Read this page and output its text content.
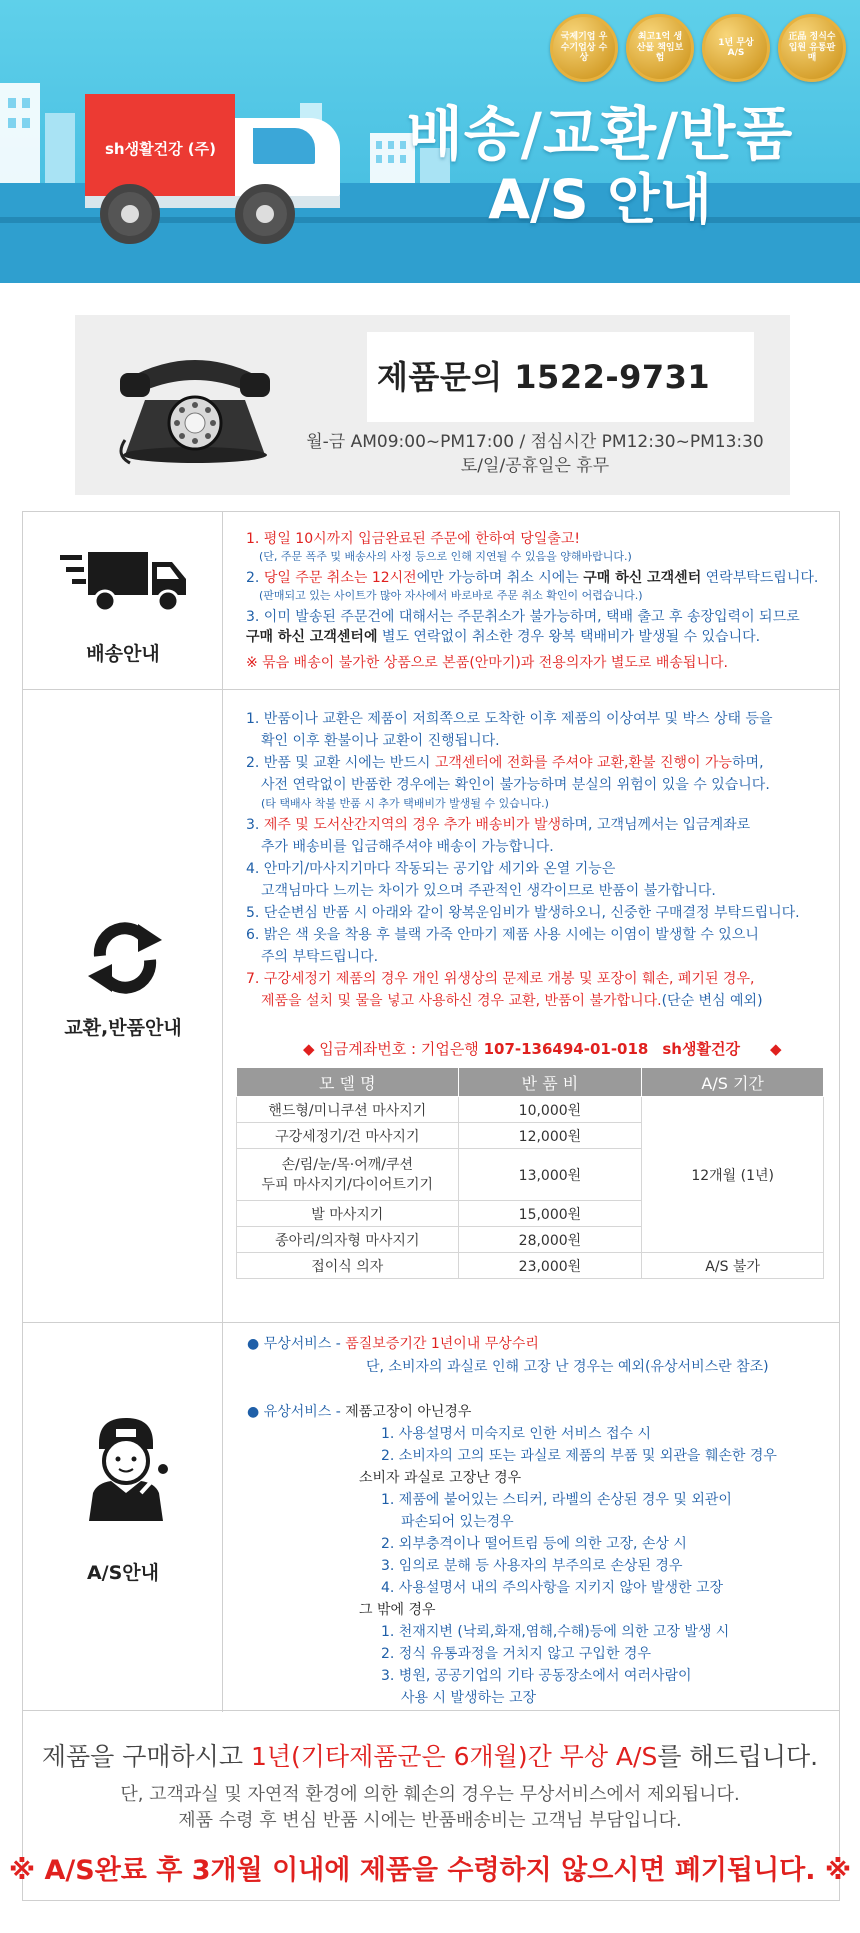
sh생활건강 (주)
국제기업 우수기업상 수상
최고1억 생산물 책임보험
1년 무상A/S
正品 정식수입원 유통판매
배송/교환/반품
A/S 안내
제품문의 1522-9731
월-금 AM09:00~PM17:00 / 점심시간 PM12:30~PM13:30
토/일/공휴일은 휴무
배송안내
1. 평일 10시까지 입금완료된 주문에 한하여 당일출고!
(단, 주문 폭주 및 배송사의 사정 등으로 인해 지연될 수 있음을 양해바랍니다.)
2. 당일 주문 취소는 12시전에만 가능하며 취소 시에는 구매 하신 고객센터 연락부탁드립니다.
(판매되고 있는 사이트가 많아 자사에서 바로바로 주문 취소 확인이 어렵습니다.)
3. 이미 발송된 주문건에 대해서는 주문취소가 불가능하며, 택배 출고 후 송장입력이 되므로
구매 하신 고객센터에 별도 연락없이 취소한 경우 왕복 택배비가 발생될 수 있습니다.
※ 묶음 배송이 불가한 상품으로 본품(안마기)과 전용의자가 별도로 배송됩니다.
교환,반품안내
1. 반품이나 교환은 제품이 저희쪽으로 도착한 이후 제품의 이상여부 및 박스 상태 등을
확인 이후 환불이나 교환이 진행됩니다.
2. 반품 및 교환 시에는 반드시 고객센터에 전화를 주셔야 교환,환불 진행이 가능하며,
사전 연락없이 반품한 경우에는 확인이 불가능하며 분실의 위험이 있을 수 있습니다.
(타 택배사 착불 반품 시 추가 택배비가 발생될 수 있습니다.)
3. 제주 및 도서산간지역의 경우 추가 배송비가 발생하며, 고객님께서는 입금계좌로
추가 배송비를 입금해주셔야 배송이 가능합니다.
4. 안마기/마사지기마다 작동되는 공기압 세기와 온열 기능은
고객님마다 느끼는 차이가 있으며 주관적인 생각이므로 반품이 불가합니다.
5. 단순변심 반품 시 아래와 같이 왕복운임비가 발생하오니, 신중한 구매결정 부탁드립니다.
6. 밝은 색 옷을 착용 후 블랙 가죽 안마기 제품 사용 시에는 이염이 발생할 수 있으니
주의 부탁드립니다.
7. 구강세정기 제품의 경우 개인 위생상의 문제로 개봉 및 포장이 훼손, 폐기된 경우,
제품을 설치 및 물을 넣고 사용하신 경우 교환, 반품이 불가합니다.(단순 변심 예외)
◆ 입금계좌번호 : 기업은행 107-136494-01-018 sh생활건강 ◆
A/S안내
● 무상서비스 - 품질보증기간 1년이내 무상수리
단, 소비자의 과실로 인해 고장 난 경우는 예외(유상서비스란 참조)
● 유상서비스 - 제품고장이 아닌경우
1. 사용설명서 미숙지로 인한 서비스 접수 시
2. 소비자의 고의 또는 과실로 제품의 부품 및 외관을 훼손한 경우
소비자 과실로 고장난 경우
1. 제품에 붙어있는 스티커, 라벨의 손상된 경우 및 외관이
파손되어 있는경우
2. 외부충격이나 떨어트림 등에 의한 고장, 손상 시
3. 임의로 분해 등 사용자의 부주의로 손상된 경우
4. 사용설명서 내의 주의사항을 지키지 않아 발생한 고장
그 밖에 경우
1. 천재지변 (낙뢰,화재,염해,수해)등에 의한 고장 발생 시
2. 정식 유통과정을 거치지 않고 구입한 경우
3. 병원, 공공기업의 기타 공동장소에서 여러사람이
사용 시 발생하는 고장
모 델 명	반 품 비	A/S 기간
핸드형/미니쿠션 마사지기	10,000원	12개월 (1년)
구강세정기/건 마사지기	12,000원	

손/림/눈/목·어깨/쿠션
두피 마사지기/다이어트기기	13,000원	
발 마사지기	15,000원	
종아리/의자형 마사지기	28,000원	
접이식 의자	23,000원	A/S 불가
제품을 구매하시고 1년(기타제품군은 6개월)간 무상 A/S를 해드립니다.
단, 고객과실 및 자연적 환경에 의한 훼손의 경우는 무상서비스에서 제외됩니다.
제품 수령 후 변심 반품 시에는 반품배송비는 고객님 부담입니다.
※ A/S완료 후 3개월 이내에 제품을 수령하지 않으시면 폐기됩니다. ※
